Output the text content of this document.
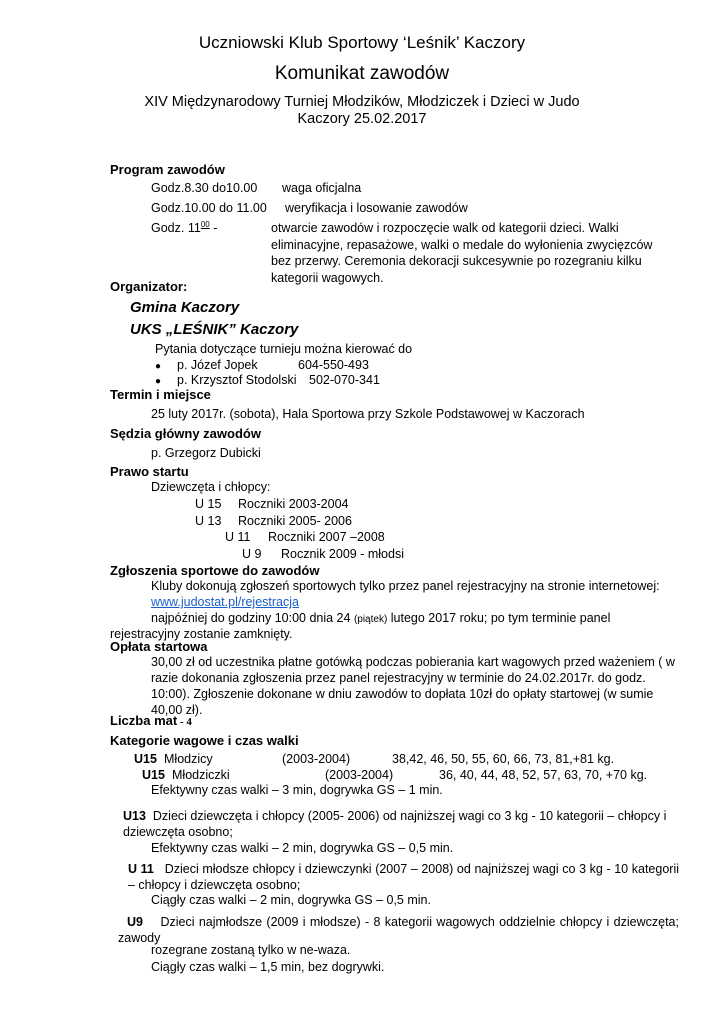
Uczniowski Klub Sportowy ‘Leśnik’ Kaczory
Komunikat zawodów
XIV Międzynarodowy Turniej Młodzików, Młodziczek i Dzieci w Judo
Kaczory 25.02.2017
Program zawodów
Godz.8.30 do10.00 waga oficjalna
Godz.10.00 do 11.00 weryfikacja i losowanie zawodów
Godz. $11^{00}$ -	otwarcie zawodów i rozpoczęcie walk od kategorii dzieci. Walki eliminacyjne, repasażowe, walki o medale do wyłonienia zwycięzców bez przerwy. Ceremonia dekoracji sukcesywnie po rozegraniu kilku kategorii wagowych.
Organizator:
Gmina Kaczory
UKS „LEŚNIK” Kaczory
Pytania dotyczące turnieju można kierować do
● p. Józef Jopek	604-550-493
● p. Krzysztof Stodolski 502-070-341
Termin i miejsce
25 luty 2017r. (sobota), Hala Sportowa przy Szkole Podstawowej w Kaczorach
Sędzia główny zawodów
p. Grzegorz Dubicki
Prawo startu
Dziewczęta i chłopcy:
U 15 Roczniki 2003-2004
U 13 Roczniki 2005- 2006
U 11 Roczniki 2007 –2008
U 9 Rocznik 2009 - młodsi
Zgłoszenia sportowe do zawodów
Kluby dokonują zgłoszeń sportowych tylko przez panel rejestracyjny na stronie internetowej:
www.judostat.pl/rejestracja
najpóźniej do godziny 10:00 dnia 24 (piątek) lutego 2017 roku; po tym terminie panel
rejestracyjny zostanie zamknięty.
Opłata startowa
30,00 zł od uczestnika płatne gotówką podczas pobierania kart wagowych przed ważeniem ( w razie dokonania zgłoszenia przez panel rejestracyjny w terminie do 24.02.2017r. do godz. 10:00). Zgłoszenie dokonane w dniu zawodów to dopłata 10zł do opłaty startowej (w sumie 40,00 zł).
Liczba mat - 4
Kategorie wagowe i czas walki
U15 Młodzicy	(2003-2004)	38,42, 46, 50, 55, 60, 66, 73, 81,+81 kg.
U15 Młodziczki	(2003-2004)	36, 40, 44, 48, 52, 57, 63, 70, +70 kg.
Efektywny czas walki – 3 min, dogrywka GS – 1 min.
U13 Dzieci dziewczęta i chłopcy (2005- 2006) od najniższej wagi co 3 kg - 10 kategorii – chłopcy i dziewczęta osobno;
Efektywny czas walki – 2 min, dogrywka GS – 0,5 min.
U 11 Dzieci młodsze chłopcy i dziewczynki (2007 – 2008) od najniższej wagi co 3 kg - 10 kategorii – chłopcy i dziewczęta osobno;
Ciągły czas walki – 2 min, dogrywka GS – 0,5 min.
U9 Dzieci najmłodsze (2009 i młodsze) - 8 kategorii wagowych oddzielnie chłopcy i dziewczęta; zawody
rozegrane zostaną tylko w ne-waza.
Ciągły czas walki – 1,5 min, bez dogrywki.
